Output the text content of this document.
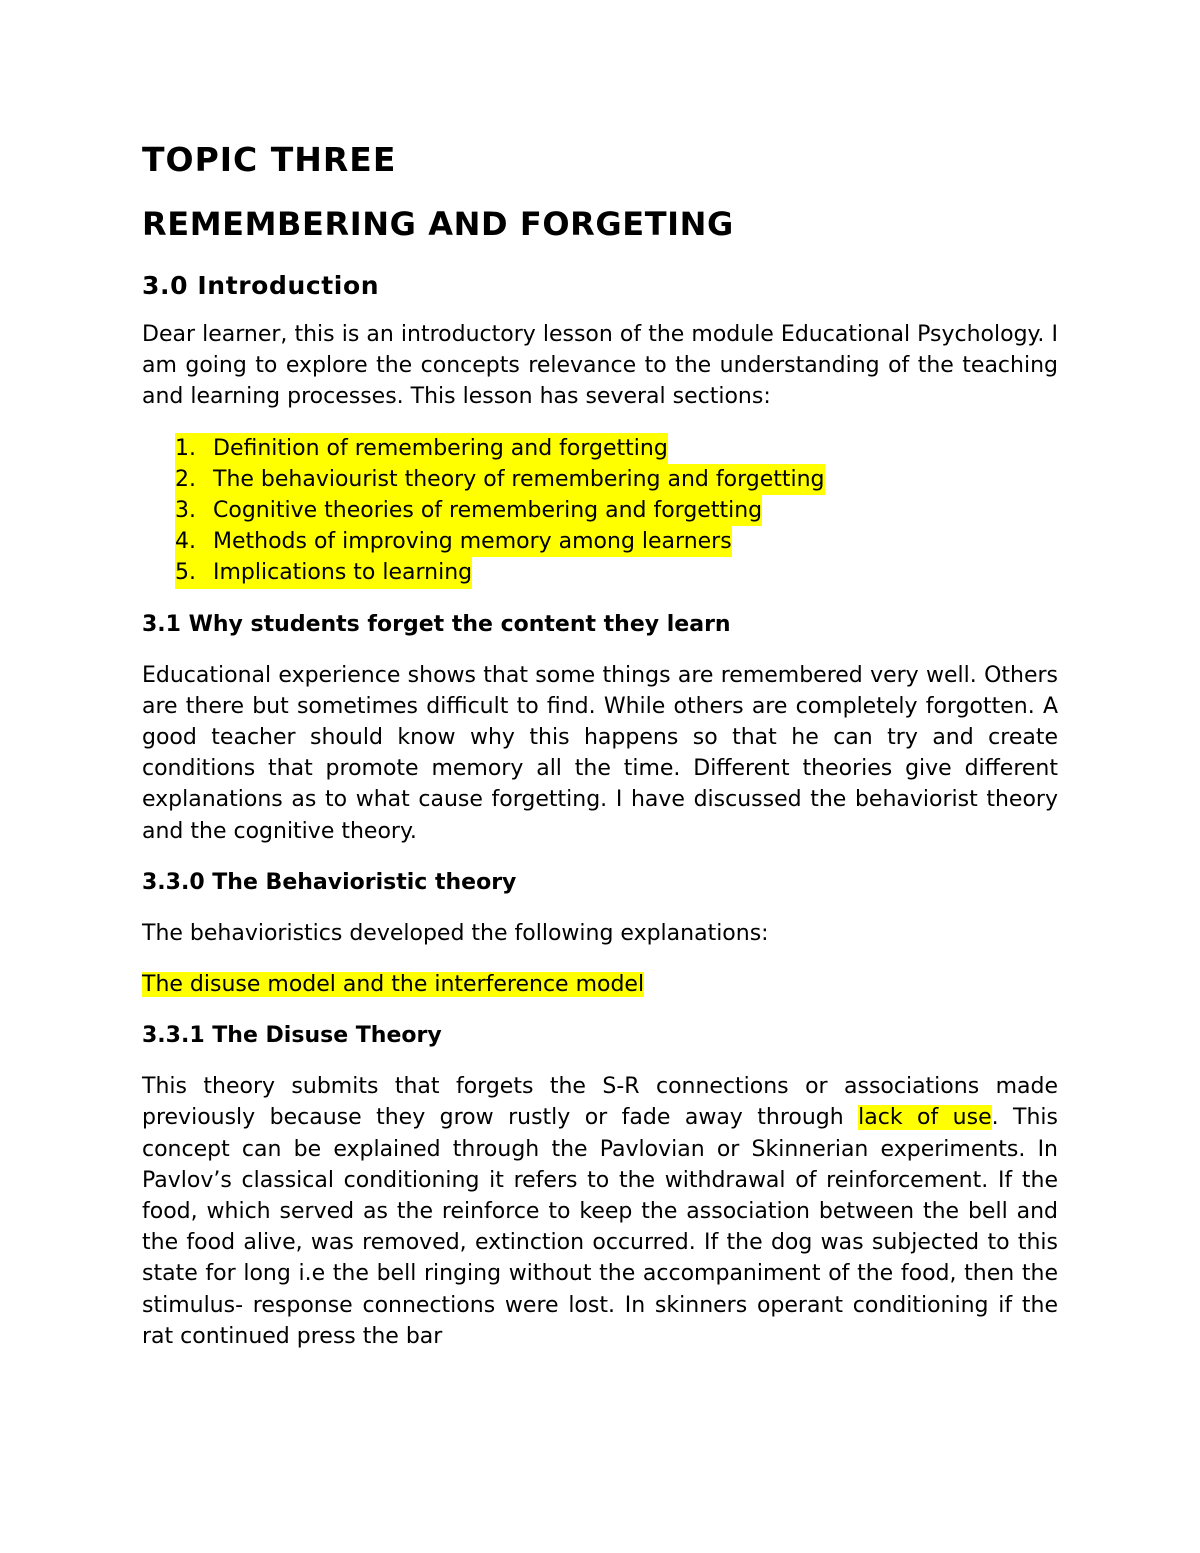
TOPIC THREE
REMEMBERING AND FORGETING
3.0 Introduction

Dear learner, this is an introductory lesson of the module Educational Psychology. I am going to explore the concepts relevance to the understanding of the teaching and learning processes. This lesson has several sections:

1. Definition of remembering and forgetting
2. The behaviourist theory of remembering and forgetting
3. Cognitive theories of remembering and forgetting
4. Methods of improving memory among learners
5. Implications to learning
3.1 Why students forget the content they learn

Educational experience shows that some things are remembered very well. Others are there but sometimes difficult to find. While others are completely forgotten. A good teacher should know why this happens so that he can try and create conditions that promote memory all the time. Different theories give different explanations as to what cause forgetting. I have discussed the behaviorist theory and the cognitive theory.

3.3.0 The Behavioristic theory

The behavioristics developed the following explanations:

The disuse model and the interference model

3.3.1 The Disuse Theory

This theory submits that forgets the S-R connections or associations made previously because they grow rustly or fade away through lack of use. This concept can be explained through the Pavlovian or Skinnerian experiments. In Pavlov’s classical conditioning it refers to the withdrawal of reinforcement. If the food, which served as the reinforce to keep the association between the bell and the food alive, was removed, extinction occurred. If the dog was subjected to this state for long i.e the bell ringing without the accompaniment of the food, then the stimulus- response connections were lost. In skinners operant conditioning if the rat continued press the bar
